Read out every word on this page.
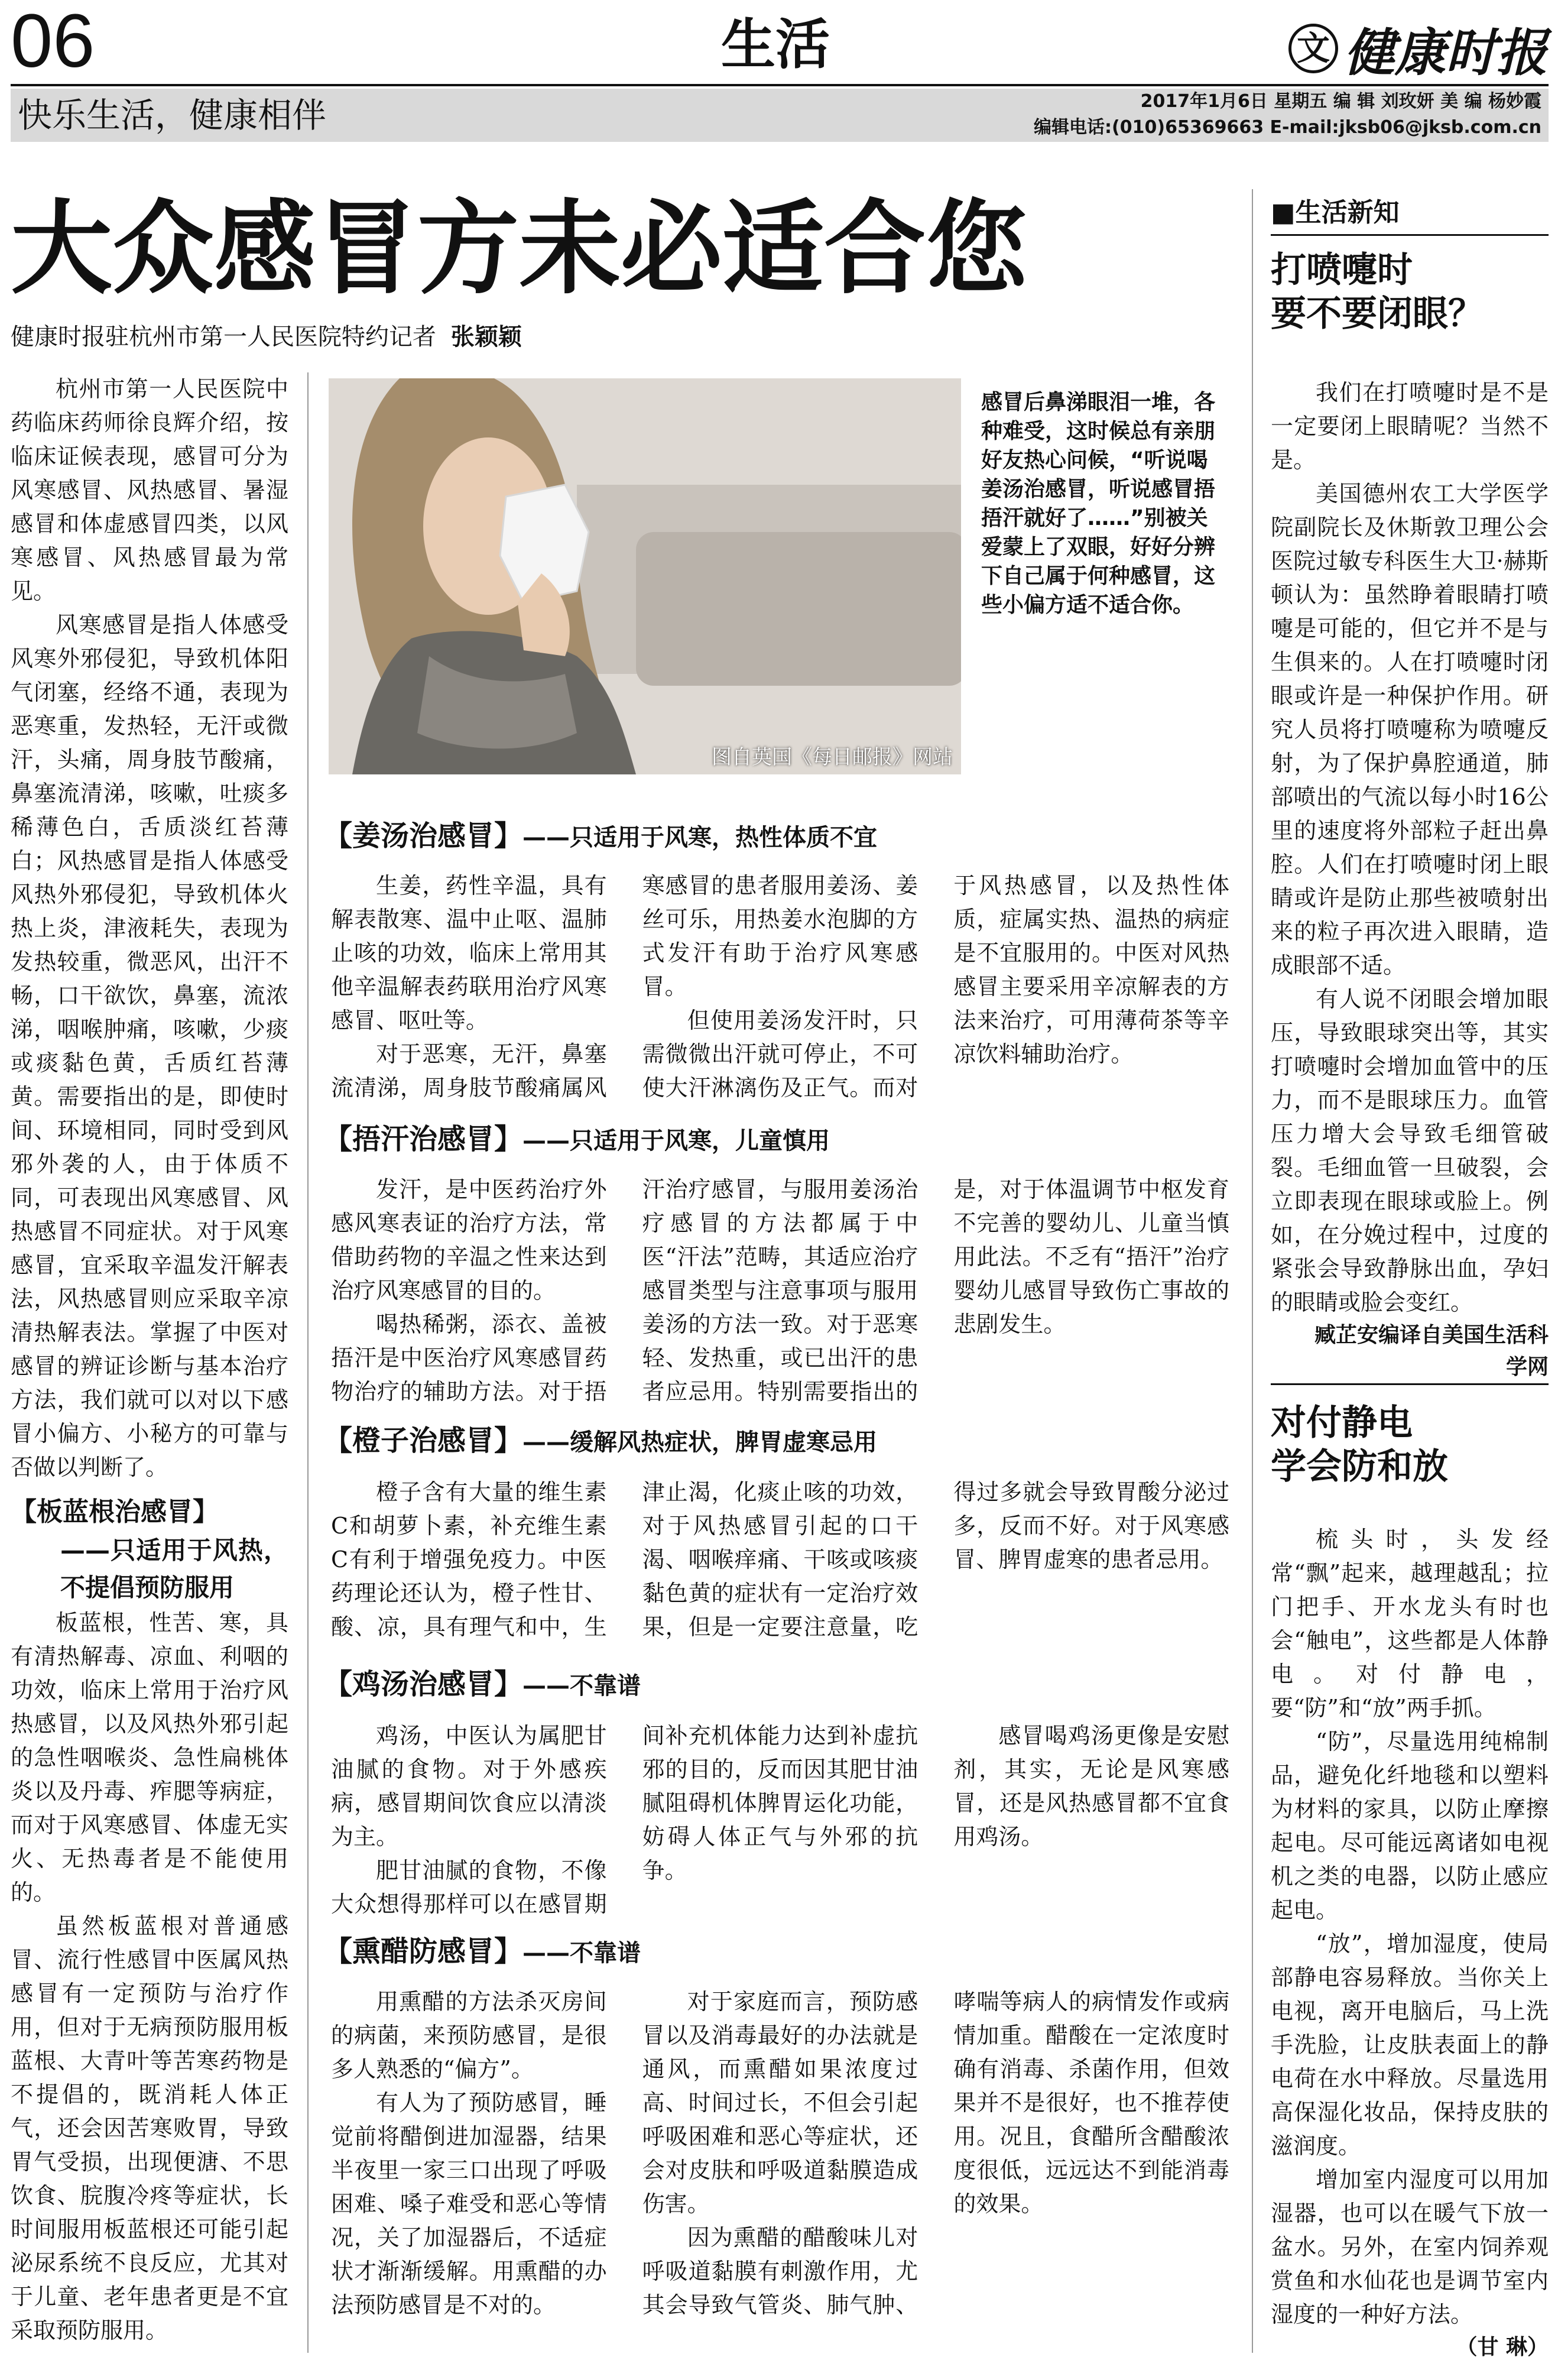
06	生活	文 健康时报
快乐生活，健康相伴	2017年1月6日 星期五 编 辑 刘玫妍 美 编 杨妙霞
编辑电话:(010)65369663 E-mail:jksb06@jksb.com.cn
大众感冒方未必适合您
健康时报驻杭州市第一人民医院特约记者 张颖颖

杭州市第一人民医院中药临床药师徐良辉介绍，按临床证候表现，感冒可分为风寒感冒、风热感冒、暑湿感冒和体虚感冒四类，以风寒感冒、风热感冒最为常见。

风寒感冒是指人体感受风寒外邪侵犯，导致机体阳气闭塞，经络不通，表现为恶寒重，发热轻，无汗或微汗，头痛，周身肢节酸痛，鼻塞流清涕，咳嗽，吐痰多稀薄色白，舌质淡红苔薄白；风热感冒是指人体感受风热外邪侵犯，导致机体火热上炎，津液耗失，表现为发热较重，微恶风，出汗不畅，口干欲饮，鼻塞，流浓涕，咽喉肿痛，咳嗽，少痰或痰黏色黄，舌质红苔薄黄。需要指出的是，即使时间、环境相同，同时受到风邪外袭的人，由于体质不同，可表现出风寒感冒、风热感冒不同症状。对于风寒感冒，宜采取辛温发汗解表法，风热感冒则应采取辛凉清热解表法。掌握了中医对感冒的辨证诊断与基本治疗方法，我们就可以对以下感冒小偏方、小秘方的可靠与否做以判断了。

【板蓝根治感冒】
——只适用于风热，不提倡预防服用

板蓝根，性苦、寒，具有清热解毒、凉血、利咽的功效，临床上常用于治疗风热感冒，以及风热外邪引起的急性咽喉炎、急性扁桃体炎以及丹毒、痄腮等病症，而对于风寒感冒、体虚无实火、无热毒者是不能使用的。

虽然板蓝根对普通感冒、流行性感冒中医属风热感冒有一定预防与治疗作用，但对于无病预防服用板蓝根、大青叶等苦寒药物是不提倡的，既消耗人体正气，还会因苦寒败胃，导致胃气受损，出现便溏、不思饮食、脘腹冷疼等症状，长时间服用板蓝根还可能引起泌尿系统不良反应，尤其对于儿童、老年患者更是不宜采取预防服用。

图自英国《每日邮报》网站
感冒后鼻涕眼泪一堆，各种难受，这时候总有亲朋好友热心问候，“听说喝姜汤治感冒，听说感冒捂捂汗就好了……”别被关爱蒙上了双眼，好好分辨下自己属于何种感冒，这些小偏方适不适合你。
【姜汤治感冒】——只适用于风寒，热性体质不宜

生姜，药性辛温，具有解表散寒、温中止呕、温肺止咳的功效，临床上常用其他辛温解表药联用治疗风寒感冒、呕吐等。

对于恶寒，无汗，鼻塞流清涕，周身肢节酸痛属风寒感冒的患者服用姜汤、姜丝可乐，用热姜水泡脚的方式发汗有助于治疗风寒感冒。

但使用姜汤发汗时，只需微微出汗就可停止，不可使大汗淋漓伤及正气。而对于风热感冒，以及热性体质，症属实热、温热的病症是不宜服用的。中医对风热感冒主要采用辛凉解表的方法来治疗，可用薄荷茶等辛凉饮料辅助治疗。

【捂汗治感冒】——只适用于风寒，儿童慎用

发汗，是中医药治疗外感风寒表证的治疗方法，常借助药物的辛温之性来达到治疗风寒感冒的目的。

喝热稀粥，添衣、盖被捂汗是中医治疗风寒感冒药物治疗的辅助方法。对于捂汗治疗感冒，与服用姜汤治疗感冒的方法都属于中医“汗法”范畴，其适应治疗感冒类型与注意事项与服用姜汤的方法一致。对于恶寒轻、发热重，或已出汗的患者应忌用。特别需要指出的是，对于体温调节中枢发育不完善的婴幼儿、儿童当慎用此法。不乏有“捂汗”治疗婴幼儿感冒导致伤亡事故的悲剧发生。

【橙子治感冒】——缓解风热症状，脾胃虚寒忌用

橙子含有大量的维生素C和胡萝卜素，补充维生素C有利于增强免疫力。中医药理论还认为，橙子性甘、酸、凉，具有理气和中，生津止渴，化痰止咳的功效，对于风热感冒引起的口干渴、咽喉痒痛、干咳或咳痰黏色黄的症状有一定治疗效果，但是一定要注意量，吃得过多就会导致胃酸分泌过多，反而不好。对于风寒感冒、脾胃虚寒的患者忌用。

【鸡汤治感冒】——不靠谱

鸡汤，中医认为属肥甘油腻的食物。对于外感疾病，感冒期间饮食应以清淡为主。

肥甘油腻的食物，不像大众想得那样可以在感冒期间补充机体能力达到补虚抗邪的目的，反而因其肥甘油腻阻碍机体脾胃运化功能，妨碍人体正气与外邪的抗争。

感冒喝鸡汤更像是安慰剂，其实，无论是风寒感冒，还是风热感冒都不宜食用鸡汤。

【熏醋防感冒】——不靠谱

用熏醋的方法杀灭房间的病菌，来预防感冒，是很多人熟悉的“偏方”。

有人为了预防感冒，睡觉前将醋倒进加湿器，结果半夜里一家三口出现了呼吸困难、嗓子难受和恶心等情况，关了加湿器后，不适症状才渐渐缓解。用熏醋的办法预防感冒是不对的。

对于家庭而言，预防感冒以及消毒最好的办法就是通风，而熏醋如果浓度过高、时间过长，不但会引起呼吸困难和恶心等症状，还会对皮肤和呼吸道黏膜造成伤害。

因为熏醋的醋酸味儿对呼吸道黏膜有刺激作用，尤其会导致气管炎、肺气肿、哮喘等病人的病情发作或病情加重。醋酸在一定浓度时确有消毒、杀菌作用，但效果并不是很好，也不推荐使用。况且，食醋所含醋酸浓度很低，远远达不到能消毒的效果。

■生活新知
打喷嚏时
要不要闭眼？

我们在打喷嚏时是不是一定要闭上眼睛呢？当然不是。

美国德州农工大学医学院副院长及休斯敦卫理公会医院过敏专科医生大卫·赫斯顿认为：虽然睁着眼睛打喷嚏是可能的，但它并不是与生俱来的。人在打喷嚏时闭眼或许是一种保护作用。研究人员将打喷嚏称为喷嚏反射，为了保护鼻腔通道，肺部喷出的气流以每小时16公里的速度将外部粒子赶出鼻腔。人们在打喷嚏时闭上眼睛或许是防止那些被喷射出来的粒子再次进入眼睛，造成眼部不适。

有人说不闭眼会增加眼压，导致眼球突出等，其实打喷嚏时会增加血管中的压力，而不是眼球压力。血管压力增大会导致毛细管破裂。毛细血管一旦破裂，会立即表现在眼球或脸上。例如，在分娩过程中，过度的紧张会导致静脉出血，孕妇的眼睛或脸会变红。

臧芷安编译自美国生活科学网

对付静电
学会防和放

梳头时，头发经常“飘”起来，越理越乱；拉门把手、开水龙头有时也会“触电”，这些都是人体静电。对付静电，要“防”和“放”两手抓。

“防”，尽量选用纯棉制品，避免化纤地毯和以塑料为材料的家具，以防止摩擦起电。尽可能远离诸如电视机之类的电器，以防止感应起电。

“放”，增加湿度，使局部静电容易释放。当你关上电视，离开电脑后，马上洗手洗脸，让皮肤表面上的静电荷在水中释放。尽量选用高保湿化妆品，保持皮肤的滋润度。

增加室内湿度可以用加湿器，也可以在暖气下放一盆水。另外，在室内饲养观赏鱼和水仙花也是调节室内湿度的一种好方法。

（甘 琳）
